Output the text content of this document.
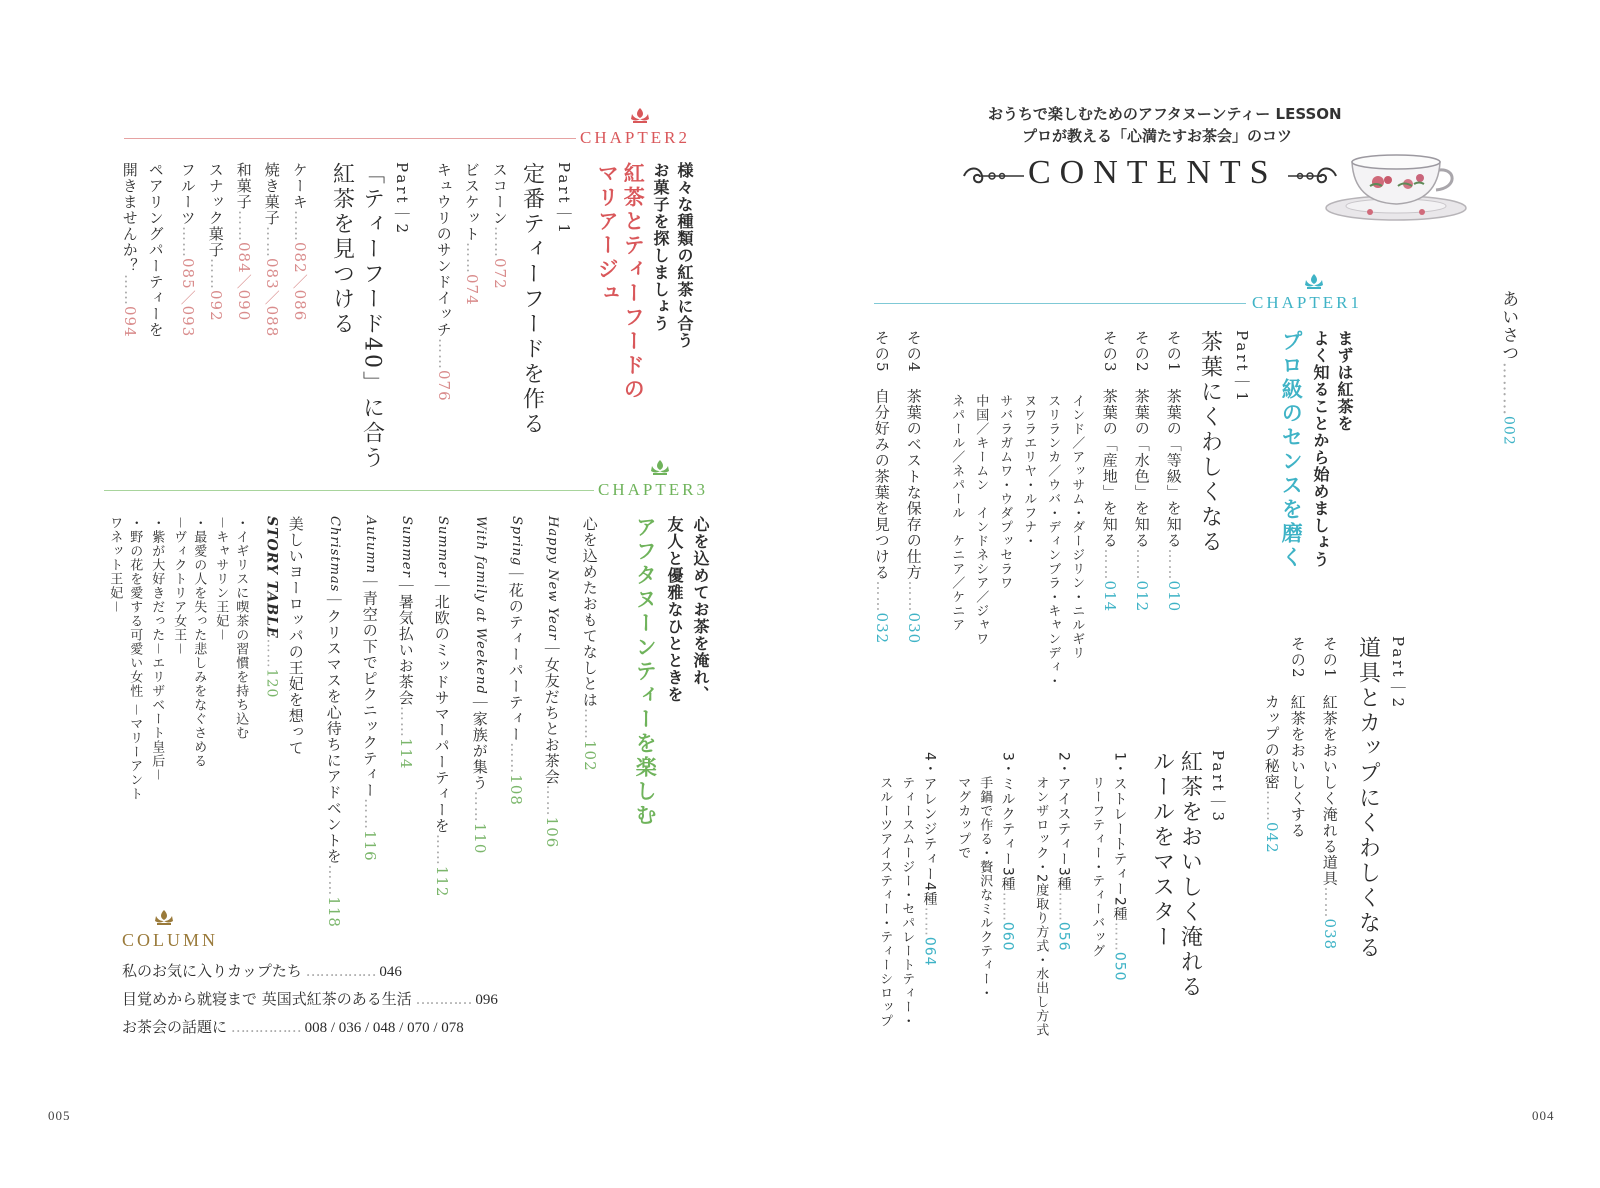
おうちで楽しむためのアフタヌーンティー LESSON
プロが教える「心満たすお茶会」のコツ
CONTENTS
CHAPTER1	あいさつ………002
まずは紅茶を
よく知ることから始めましょう
プロ級のセンスを磨く
Part｜1
茶葉にくわしくなる
その1　茶葉の「等級」を知る……010
その2　茶葉の「水色」を知る……012
その3　茶葉の「産地」を知る……014
インド／アッサム・ダージリン・ニルギリ
スリランカ／ウバ・ディンブラ・キャンディ・
ヌワラエリヤ・ルフナ・
サバラガムワ・ウダプッセラワ
中国／キームン　インドネシア／ジャワ
ネパール／ネパール　ケニア／ケニア
その4　茶葉のベストな保存の仕方……030
その5　自分好みの茶葉を見つける……032
Part｜2
道具とカップにくわしくなる
その1　紅茶をおいしく淹れる道具……038
その2　紅茶をおいしくする
カップの秘密……042
Part｜3
紅茶をおいしく淹れる
ルールをマスター
1・ストレートティー2種……050
リーフティー・ティーバッグ
2・アイスティー3種……056
オンザロック・2度取り方式・水出し方式
3・ミルクティー3種……060
手鍋で作る・贅沢なミルクティー・
マグカップで
4・アレンジティー4種……064
ティースムージー・セパレートティー・
スルーツアイスティー・ティーシロップ
004
CHAPTER2
様々な種類の紅茶に合う
お菓子を探しましょう
紅茶とティーフードの
マリアージュ
Part｜1
定番ティーフードを作る
スコーン……072
ビスケット……074
キュウリのサンドイッチ……076
Part｜2
「ティーフード40」に合う
紅茶を見つける
ケーキ……082／086
焼き菓子……083／088
和菓子……084／090
スナック菓子……092
フルーツ……085／093
ペアリングパーティーを
開きませんか？……094
CHAPTER3
心を込めてお茶を淹れ、
友人と優雅なひとときを
アフタヌーンティーを楽しむ
心を込めたおもてなしとは……102
Happy New Year｜女友だちとお茶会……106
Spring｜花のティーパーティー……108
With family at Weekend｜家族が集う……110
Summer｜北欧のミッドサマーパーティーを……112
Summer｜暑気払いお茶会……114
Autumn｜青空の下でピクニックティー……116
Christmas｜クリスマスを心待ちにアドベントを……118
美しいヨーロッパの王妃を想って
STORY TABLE……120
・イギリスに喫茶の習慣を持ち込む
－キャサリン王妃－
・最愛の人を失った悲しみをなぐさめる
－ヴィクトリア女王－
・紫が大好きだった－エリザベート皇后－
・野の花を愛する可愛い女性 －マリーアント
ワネット王妃－
COLUMN
私のお気に入りカップたち …………… 046
目覚めから就寝まで 英国式紅茶のある生活 ………… 096
お茶会の話題に …………… 008 / 036 / 048 / 070 / 078
005
